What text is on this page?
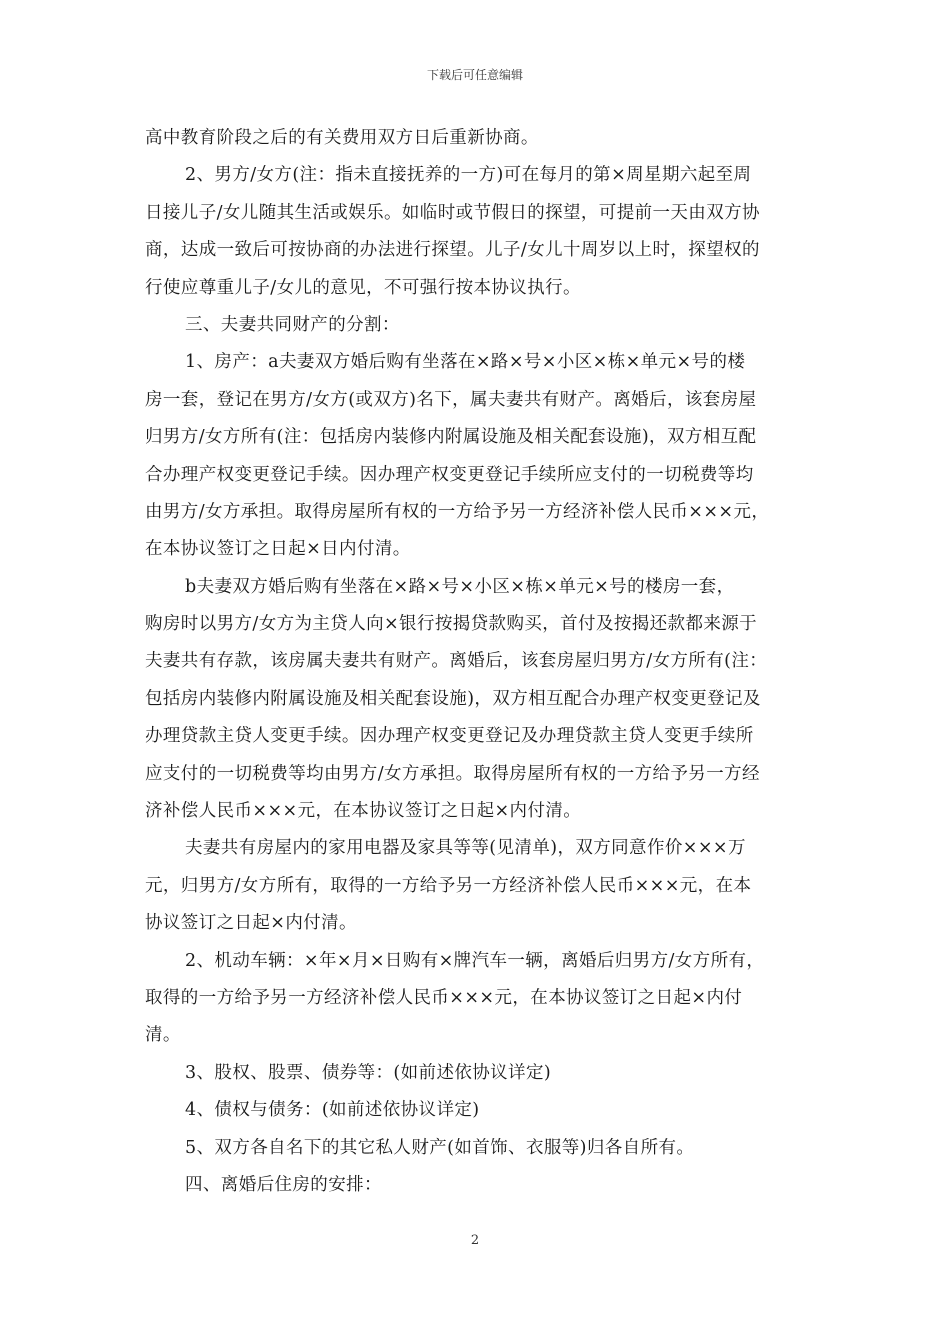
下载后可任意编辑
高中教育阶段之后的有关费用双方日后重新协商。
2、男方/女方(注：指未直接抚养的一方)可在每月的第×周星期六起至周
日接儿子/女儿随其生活或娱乐。如临时或节假日的探望，可提前一天由双方协
商，达成一致后可按协商的办法进行探望。儿子/女儿十周岁以上时，探望权的
行使应尊重儿子/女儿的意见，不可强行按本协议执行。
三、夫妻共同财产的分割：
1、房产：a夫妻双方婚后购有坐落在×路×号×小区×栋×单元×号的楼
房一套，登记在男方/女方(或双方)名下，属夫妻共有财产。离婚后，该套房屋
归男方/女方所有(注：包括房内装修内附属设施及相关配套设施)，双方相互配
合办理产权变更登记手续。因办理产权变更登记手续所应支付的一切税费等均
由男方/女方承担。取得房屋所有权的一方给予另一方经济补偿人民币×××元，
在本协议签订之日起×日内付清。
b夫妻双方婚后购有坐落在×路×号×小区×栋×单元×号的楼房一套，
购房时以男方/女方为主贷人向×银行按揭贷款购买，首付及按揭还款都来源于
夫妻共有存款，该房属夫妻共有财产。离婚后，该套房屋归男方/女方所有(注：
包括房内装修内附属设施及相关配套设施)，双方相互配合办理产权变更登记及
办理贷款主贷人变更手续。因办理产权变更登记及办理贷款主贷人变更手续所
应支付的一切税费等均由男方/女方承担。取得房屋所有权的一方给予另一方经
济补偿人民币×××元，在本协议签订之日起×内付清。
夫妻共有房屋内的家用电器及家具等等(见清单)，双方同意作价×××万
元，归男方/女方所有，取得的一方给予另一方经济补偿人民币×××元，在本
协议签订之日起×内付清。
2、机动车辆：×年×月×日购有×牌汽车一辆，离婚后归男方/女方所有，
取得的一方给予另一方经济补偿人民币×××元，在本协议签订之日起×内付
清。
3、股权、股票、债券等：(如前述依协议详定)
4、债权与债务：(如前述依协议详定)
5、双方各自名下的其它私人财产(如首饰、衣服等)归各自所有。
四、离婚后住房的安排：
2
